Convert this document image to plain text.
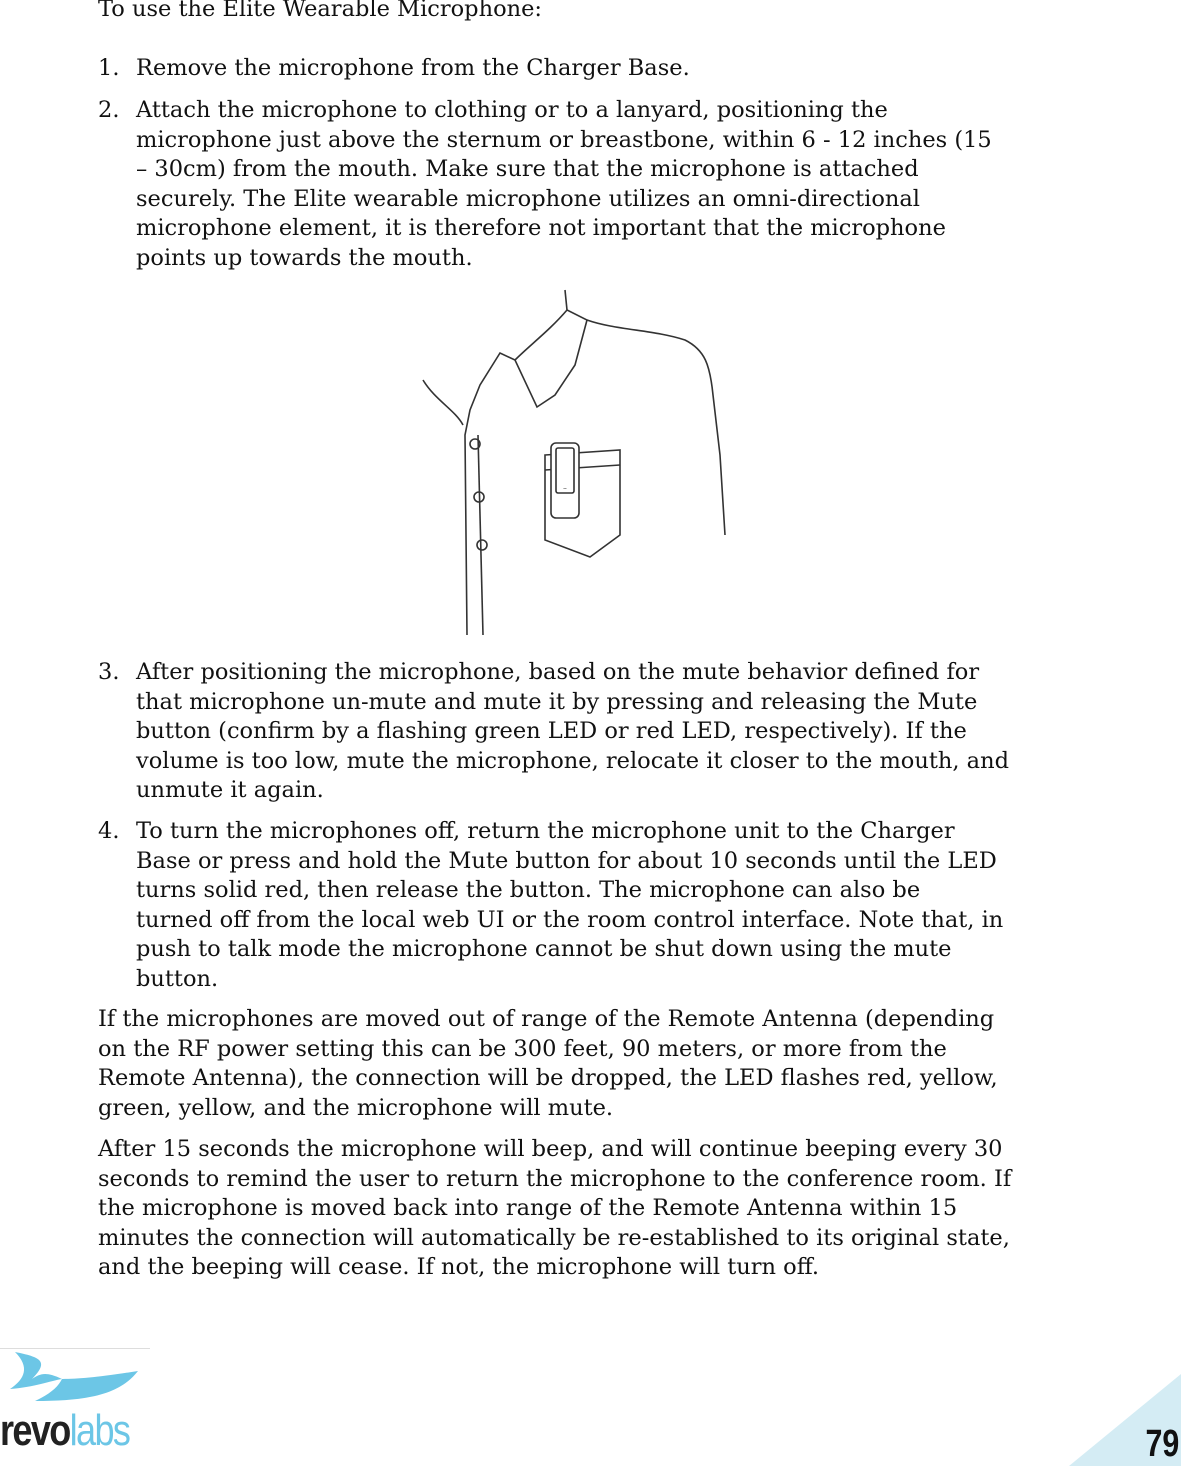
To use the Elite Wearable Microphone:
1. Remove the microphone from the Charger Base.
2. Attach the microphone to clothing or to a lanyard, positioning the
microphone just above the sternum or breastbone, within 6 - 12 inches (15
– 30cm) from the mouth. Make sure that the microphone is attached
securely. The Elite wearable microphone utilizes an omni-directional
microphone element, it is therefore not important that the microphone
points up towards the mouth.
~
3. After positioning the microphone, based on the mute behavior defined for
that microphone un-mute and mute it by pressing and releasing the Mute
button (confirm by a flashing green LED or red LED, respectively). If the
volume is too low, mute the microphone, relocate it closer to the mouth, and
unmute it again.
4. To turn the microphones off, return the microphone unit to the Charger
Base or press and hold the Mute button for about 10 seconds until the LED
turns solid red, then release the button. The microphone can also be
turned off from the local web UI or the room control interface. Note that, in
push to talk mode the microphone cannot be shut down using the mute
button.
If the microphones are moved out of range of the Remote Antenna (depending
on the RF power setting this can be 300 feet, 90 meters, or more from the
Remote Antenna), the connection will be dropped, the LED flashes red, yellow,
green, yellow, and the microphone will mute.
After 15 seconds the microphone will beep, and will continue beeping every 30
seconds to remind the user to return the microphone to the conference room. If
the microphone is moved back into range of the Remote Antenna within 15
minutes the connection will automatically be re-established to its original state,
and the beeping will cease. If not, the microphone will turn off.
revolabs	79
